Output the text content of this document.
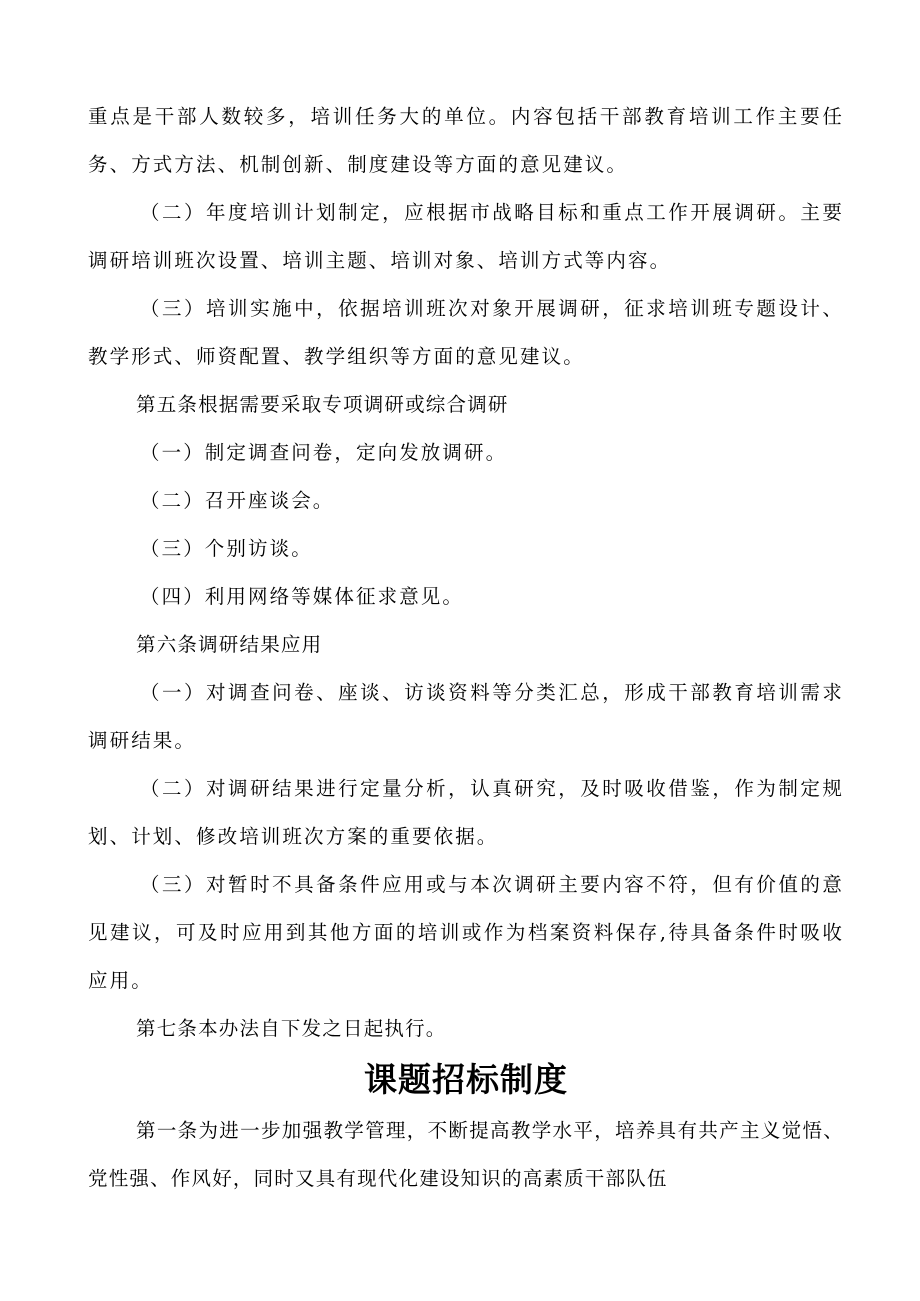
重点是干部人数较多，培训任务大的单位。内容包括干部教育培训工作主要任务、方式方法、机制创新、制度建设等方面的意见建议。

（二）年度培训计划制定，应根据市战略目标和重点工作开展调研。主要调研培训班次设置、培训主题、培训对象、培训方式等内容。

（三）培训实施中，依据培训班次对象开展调研，征求培训班专题设计、教学形式、师资配置、教学组织等方面的意见建议。

第五条根据需要采取专项调研或综合调研

（一）制定调查问卷，定向发放调研。

（二）召开座谈会。

（三）个别访谈。

（四）利用网络等媒体征求意见。

第六条调研结果应用

（一）对调查问卷、座谈、访谈资料等分类汇总，形成干部教育培训需求调研结果。

（二）对调研结果进行定量分析，认真研究，及时吸收借鉴，作为制定规划、计划、修改培训班次方案的重要依据。

（三）对暂时不具备条件应用或与本次调研主要内容不符，但有价值的意见建议，可及时应用到其他方面的培训或作为档案资料保存,待具备条件时吸收应用。

第七条本办法自下发之日起执行。

课题招标制度

第一条为进一步加强教学管理，不断提高教学水平，培养具有共产主义觉悟、党性强、作风好，同时又具有现代化建设知识的高素质干部队伍
